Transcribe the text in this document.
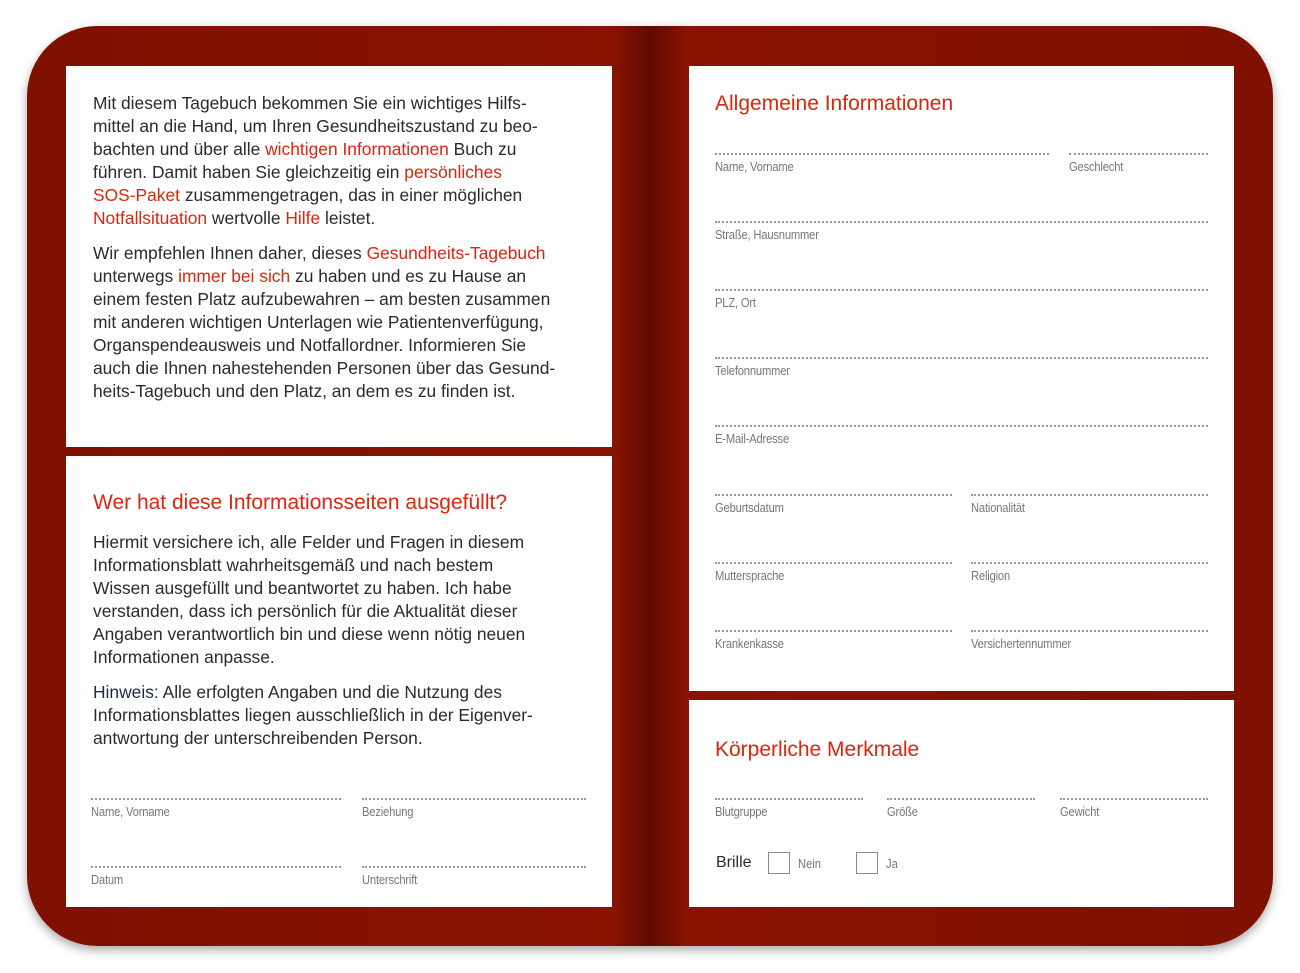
Mit diesem Tagebuch bekommen Sie ein wichtiges Hilfs-
mittel an die Hand, um Ihren Gesundheitszustand zu beo-
bachten und über alle wichtigen Informationen Buch zu
führen. Damit haben Sie gleichzeitig ein persönliches
SOS-Paket zusammengetragen, das in einer möglichen
Notfallsituation wertvolle Hilfe leistet.

Wir empfehlen Ihnen daher, dieses Gesundheits-Tagebuch
unterwegs immer bei sich zu haben und es zu Hause an
einem festen Platz aufzubewahren – am besten zusammen
mit anderen wichtigen Unterlagen wie Patientenverfügung,
Organspendeausweis und Notfallordner. Informieren Sie
auch die Ihnen nahestehenden Personen über das Gesund-
heits-Tagebuch und den Platz, an dem es zu finden ist.

Wer hat diese Informationsseiten ausgefüllt?

Hiermit versichere ich, alle Felder und Fragen in diesem
Informationsblatt wahrheitsgemäß und nach bestem
Wissen ausgefüllt und beantwortet zu haben. Ich habe
verstanden, dass ich persönlich für die Aktualität dieser
Angaben verantwortlich bin und diese wenn nötig neuen
Informationen anpasse.

Hinweis: Alle erfolgten Angaben und die Nutzung des
Informationsblattes liegen ausschließlich in der Eigenver-
antwortung der unterschreibenden Person.

Name, Vorname	Beziehung
Datum	Unterschrift
Allgemeine Informationen
Name, Vorname	Geschlecht
Straße, Hausnummer
PLZ, Ort
Telefonnummer
E-Mail-Adresse
Geburtsdatum	Nationalität
Muttersprache	Religion
Krankenkasse	Versichertennummer
Körperliche Merkmale
Blutgruppe	Größe	Gewicht
Brille	Nein	Ja
